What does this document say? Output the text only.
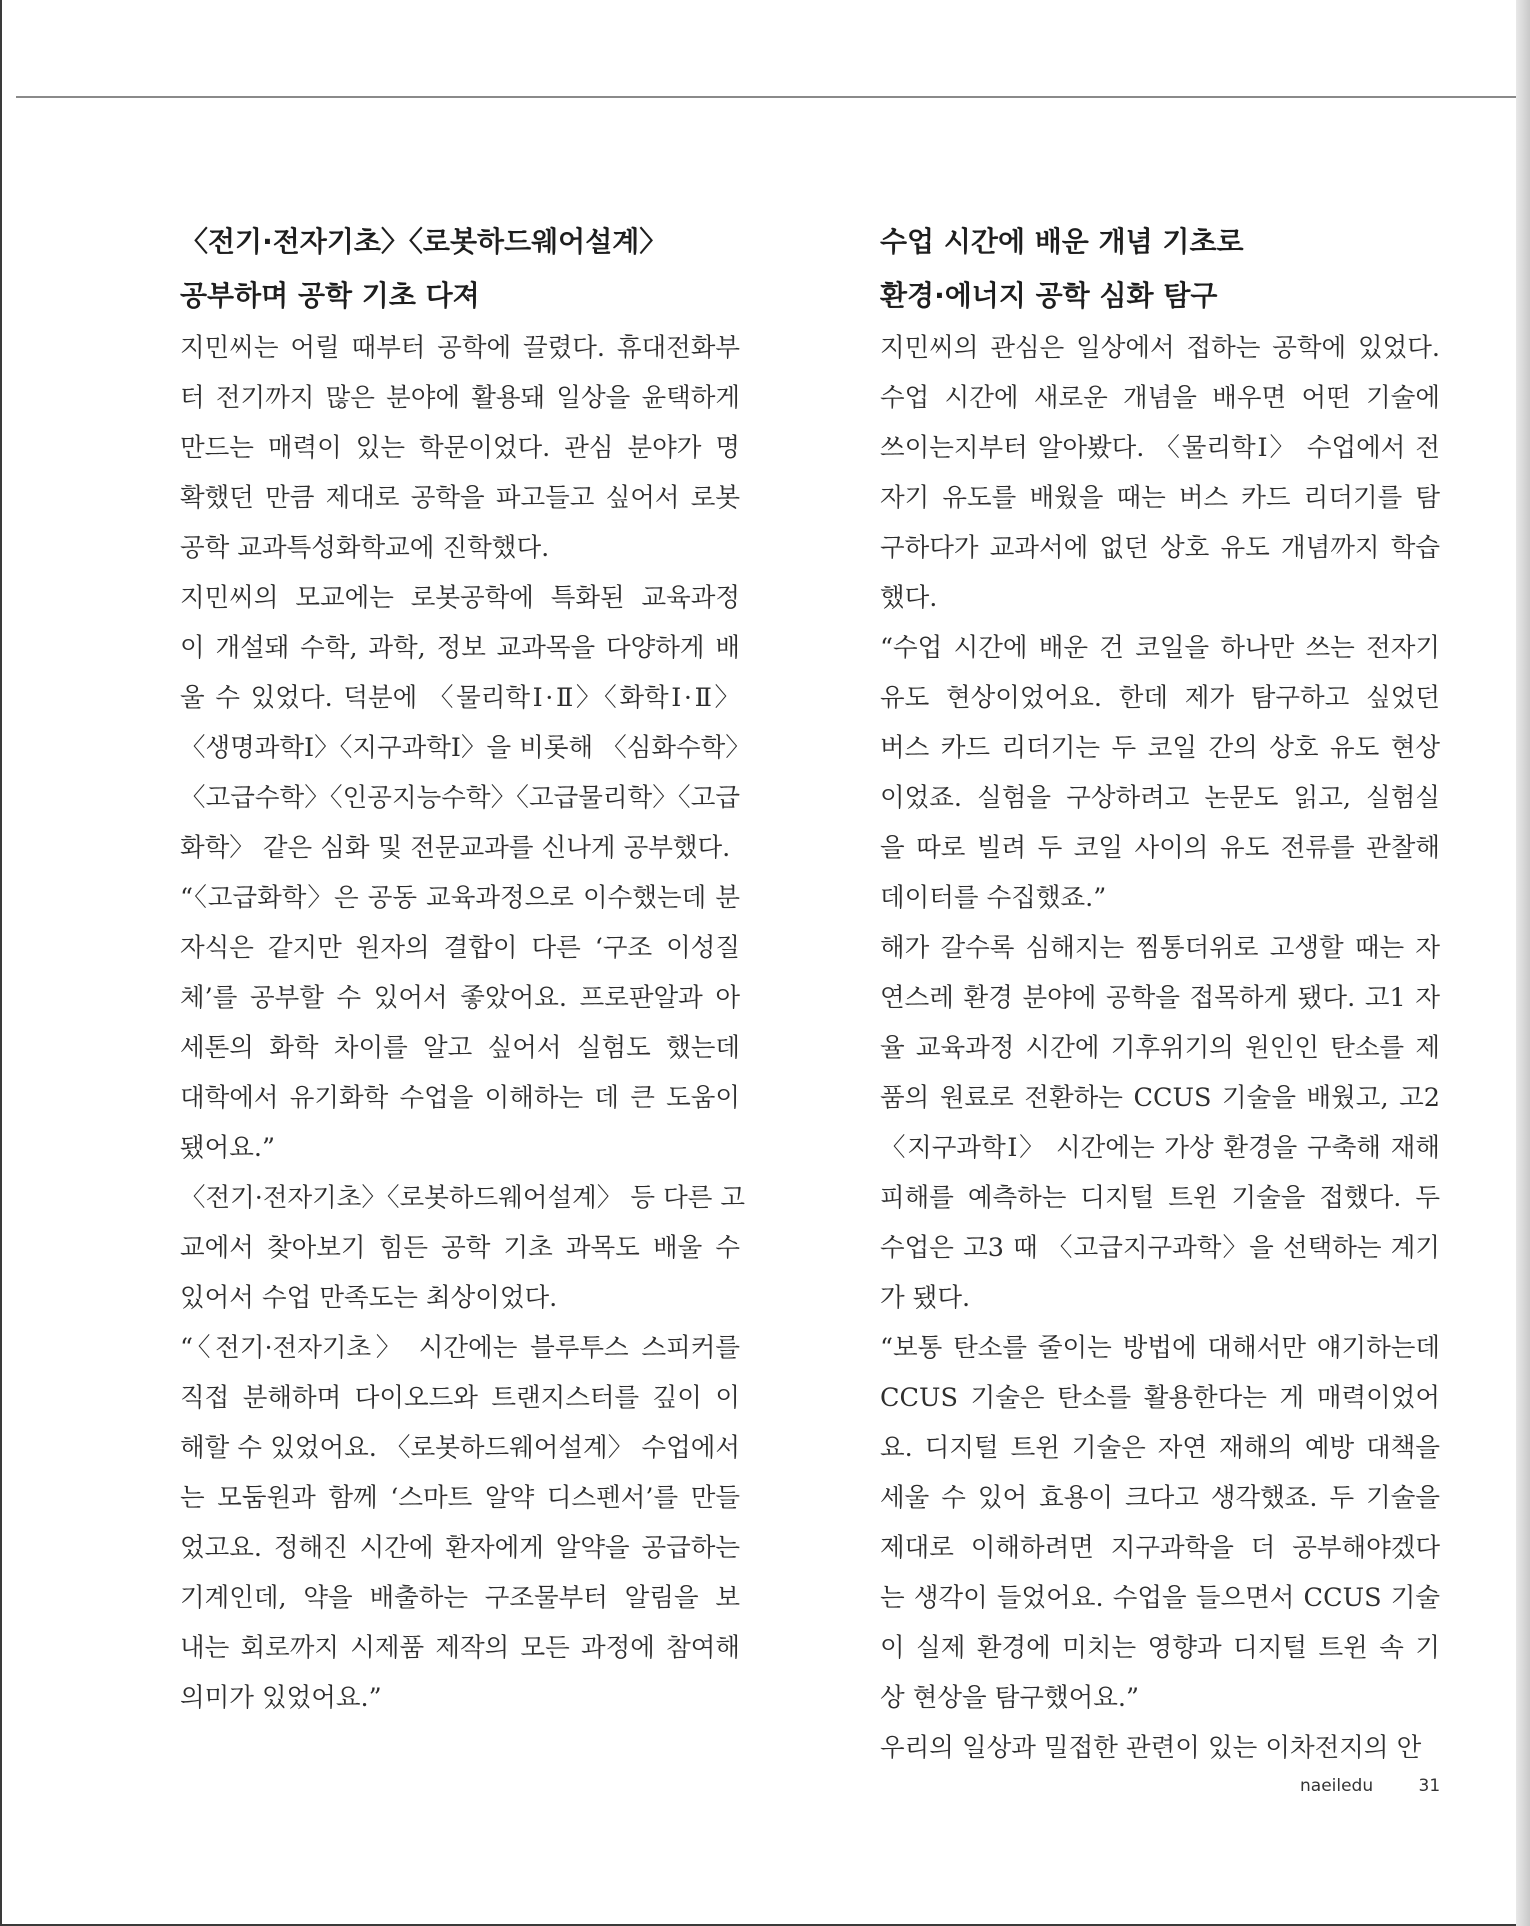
〈전기·전자기초〉〈로봇하드웨어설계〉
공부하며 공학 기초 다져

지민씨는 어릴 때부터 공학에 끌렸다. 휴대전화부
터 전기까지 많은 분야에 활용돼 일상을 윤택하게
만드는 매력이 있는 학문이었다. 관심 분야가 명
확했던 만큼 제대로 공학을 파고들고 싶어서 로봇
공학 교과특성화학교에 진학했다.

지민씨의 모교에는 로봇공학에 특화된 교육과정
이 개설돼 수학, 과학, 정보 교과목을 다양하게 배
울 수 있었다. 덕분에 〈물리학Ⅰ·Ⅱ〉〈화학Ⅰ·Ⅱ〉
〈생명과학Ⅰ〉〈지구과학Ⅰ〉을 비롯해 〈심화수학〉
〈고급수학〉〈인공지능수학〉〈고급물리학〉〈고급
화학〉 같은 심화 및 전문교과를 신나게 공부했다.

“〈고급화학〉은 공동 교육과정으로 이수했는데 분
자식은 같지만 원자의 결합이 다른 ‘구조 이성질
체’를 공부할 수 있어서 좋았어요. 프로판알과 아
세톤의 화학 차이를 알고 싶어서 실험도 했는데
대학에서 유기화학 수업을 이해하는 데 큰 도움이
됐어요.”

〈전기·전자기초〉〈로봇하드웨어설계〉 등 다른 고
교에서 찾아보기 힘든 공학 기초 과목도 배울 수
있어서 수업 만족도는 최상이었다.

“〈전기·전자기초〉 시간에는 블루투스 스피커를
직접 분해하며 다이오드와 트랜지스터를 깊이 이
해할 수 있었어요. 〈로봇하드웨어설계〉 수업에서
는 모둠원과 함께 ‘스마트 알약 디스펜서’를 만들
었고요. 정해진 시간에 환자에게 알약을 공급하는
기계인데, 약을 배출하는 구조물부터 알림을 보
내는 회로까지 시제품 제작의 모든 과정에 참여해
의미가 있었어요.”

수업 시간에 배운 개념 기초로
환경·에너지 공학 심화 탐구

지민씨의 관심은 일상에서 접하는 공학에 있었다.
수업 시간에 새로운 개념을 배우면 어떤 기술에
쓰이는지부터 알아봤다. 〈물리학Ⅰ〉 수업에서 전
자기 유도를 배웠을 때는 버스 카드 리더기를 탐
구하다가 교과서에 없던 상호 유도 개념까지 학습
했다.

“수업 시간에 배운 건 코일을 하나만 쓰는 전자기
유도 현상이었어요. 한데 제가 탐구하고 싶었던
버스 카드 리더기는 두 코일 간의 상호 유도 현상
이었죠. 실험을 구상하려고 논문도 읽고, 실험실
을 따로 빌려 두 코일 사이의 유도 전류를 관찰해
데이터를 수집했죠.”

해가 갈수록 심해지는 찜통더위로 고생할 때는 자
연스레 환경 분야에 공학을 접목하게 됐다. 고1 자
율 교육과정 시간에 기후위기의 원인인 탄소를 제
품의 원료로 전환하는 CCUS 기술을 배웠고, 고2
〈지구과학Ⅰ〉 시간에는 가상 환경을 구축해 재해
피해를 예측하는 디지털 트윈 기술을 접했다. 두
수업은 고3 때 〈고급지구과학〉을 선택하는 계기
가 됐다.

“보통 탄소를 줄이는 방법에 대해서만 얘기하는데
CCUS 기술은 탄소를 활용한다는 게 매력이었어
요. 디지털 트윈 기술은 자연 재해의 예방 대책을
세울 수 있어 효용이 크다고 생각했죠. 두 기술을
제대로 이해하려면 지구과학을 더 공부해야겠다
는 생각이 들었어요. 수업을 들으면서 CCUS 기술
이 실제 환경에 미치는 영향과 디지털 트윈 속 기
상 현상을 탐구했어요.”

우리의 일상과 밀접한 관련이 있는 이차전지의 안

naeiledu	31
